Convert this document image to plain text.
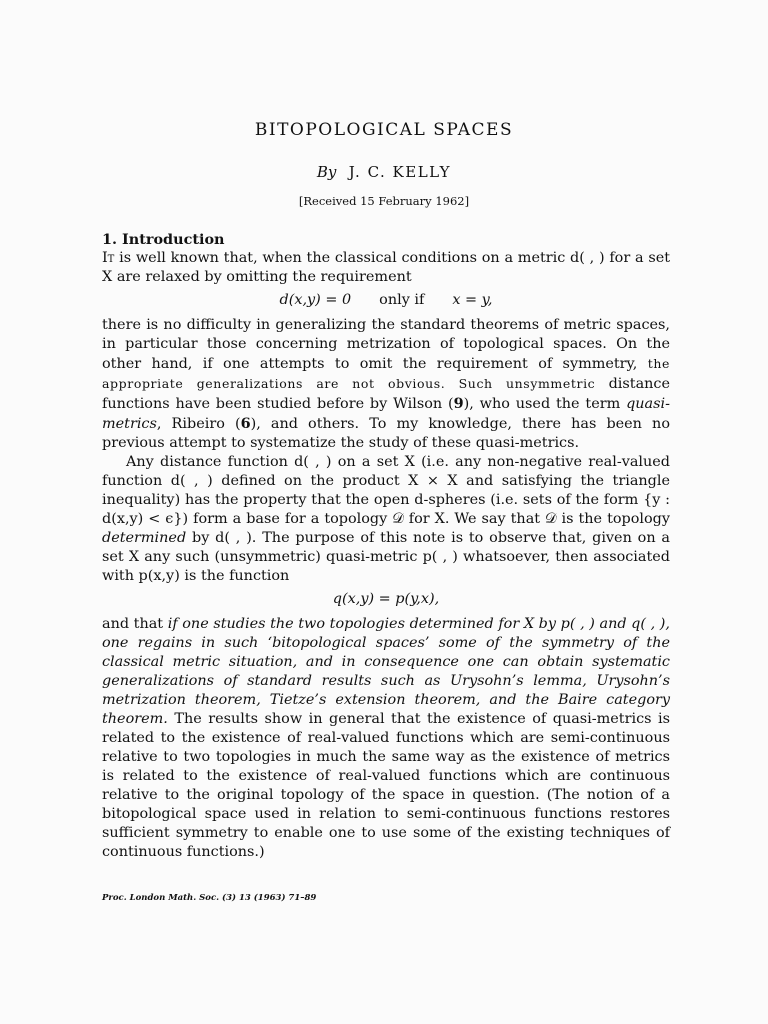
BITOPOLOGICAL SPACES
By J. C. KELLY
[Received 15 February 1962]

1. Introduction

It is well known that, when the classical conditions on a metric d( , ) for a set X are relaxed by omitting the requirement

d(x,y) = 0 only if x = y,

there is no difficulty in generalizing the standard theorems of metric spaces, in particular those concerning metrization of topological spaces. On the other hand, if one attempts to omit the requirement of symmetry, the appropriate generalizations are not obvious. Such unsymmetric distance functions have been studied before by Wilson (9), who used the term quasi-metrics, Ribeiro (6), and others. To my knowledge, there has been no previous attempt to systematize the study of these quasi-metrics.

Any distance function d( , ) on a set X (i.e. any non-negative real-valued function d( , ) defined on the product X × X and satisfying the triangle inequality) has the property that the open d-spheres (i.e. sets of the form {y : d(x,y) < ϵ}) form a base for a topology 𝒟 for X. We say that 𝒟 is the topology determined by d( , ). The purpose of this note is to observe that, given on a set X any such (unsymmetric) quasi-metric p( , ) whatsoever, then associated with p(x,y) is the function

q(x,y) = p(y,x),

and that if one studies the two topologies determined for X by p( , ) and q( , ), one regains in such ‘bitopological spaces’ some of the symmetry of the classical metric situation, and in consequence one can obtain systematic generalizations of standard results such as Urysohn’s lemma, Urysohn’s metrization theorem, Tietze’s extension theorem, and the Baire category theorem. The results show in general that the existence of quasi-metrics is related to the existence of real-valued functions which are semi-continuous relative to two topologies in much the same way as the existence of metrics is related to the existence of real-valued functions which are continuous relative to the original topology of the space in question. (The notion of a bitopological space used in relation to semi-continuous functions restores sufficient symmetry to enable one to use some of the existing techniques of continuous functions.)

Proc. London Math. Soc. (3) 13 (1963) 71–89
